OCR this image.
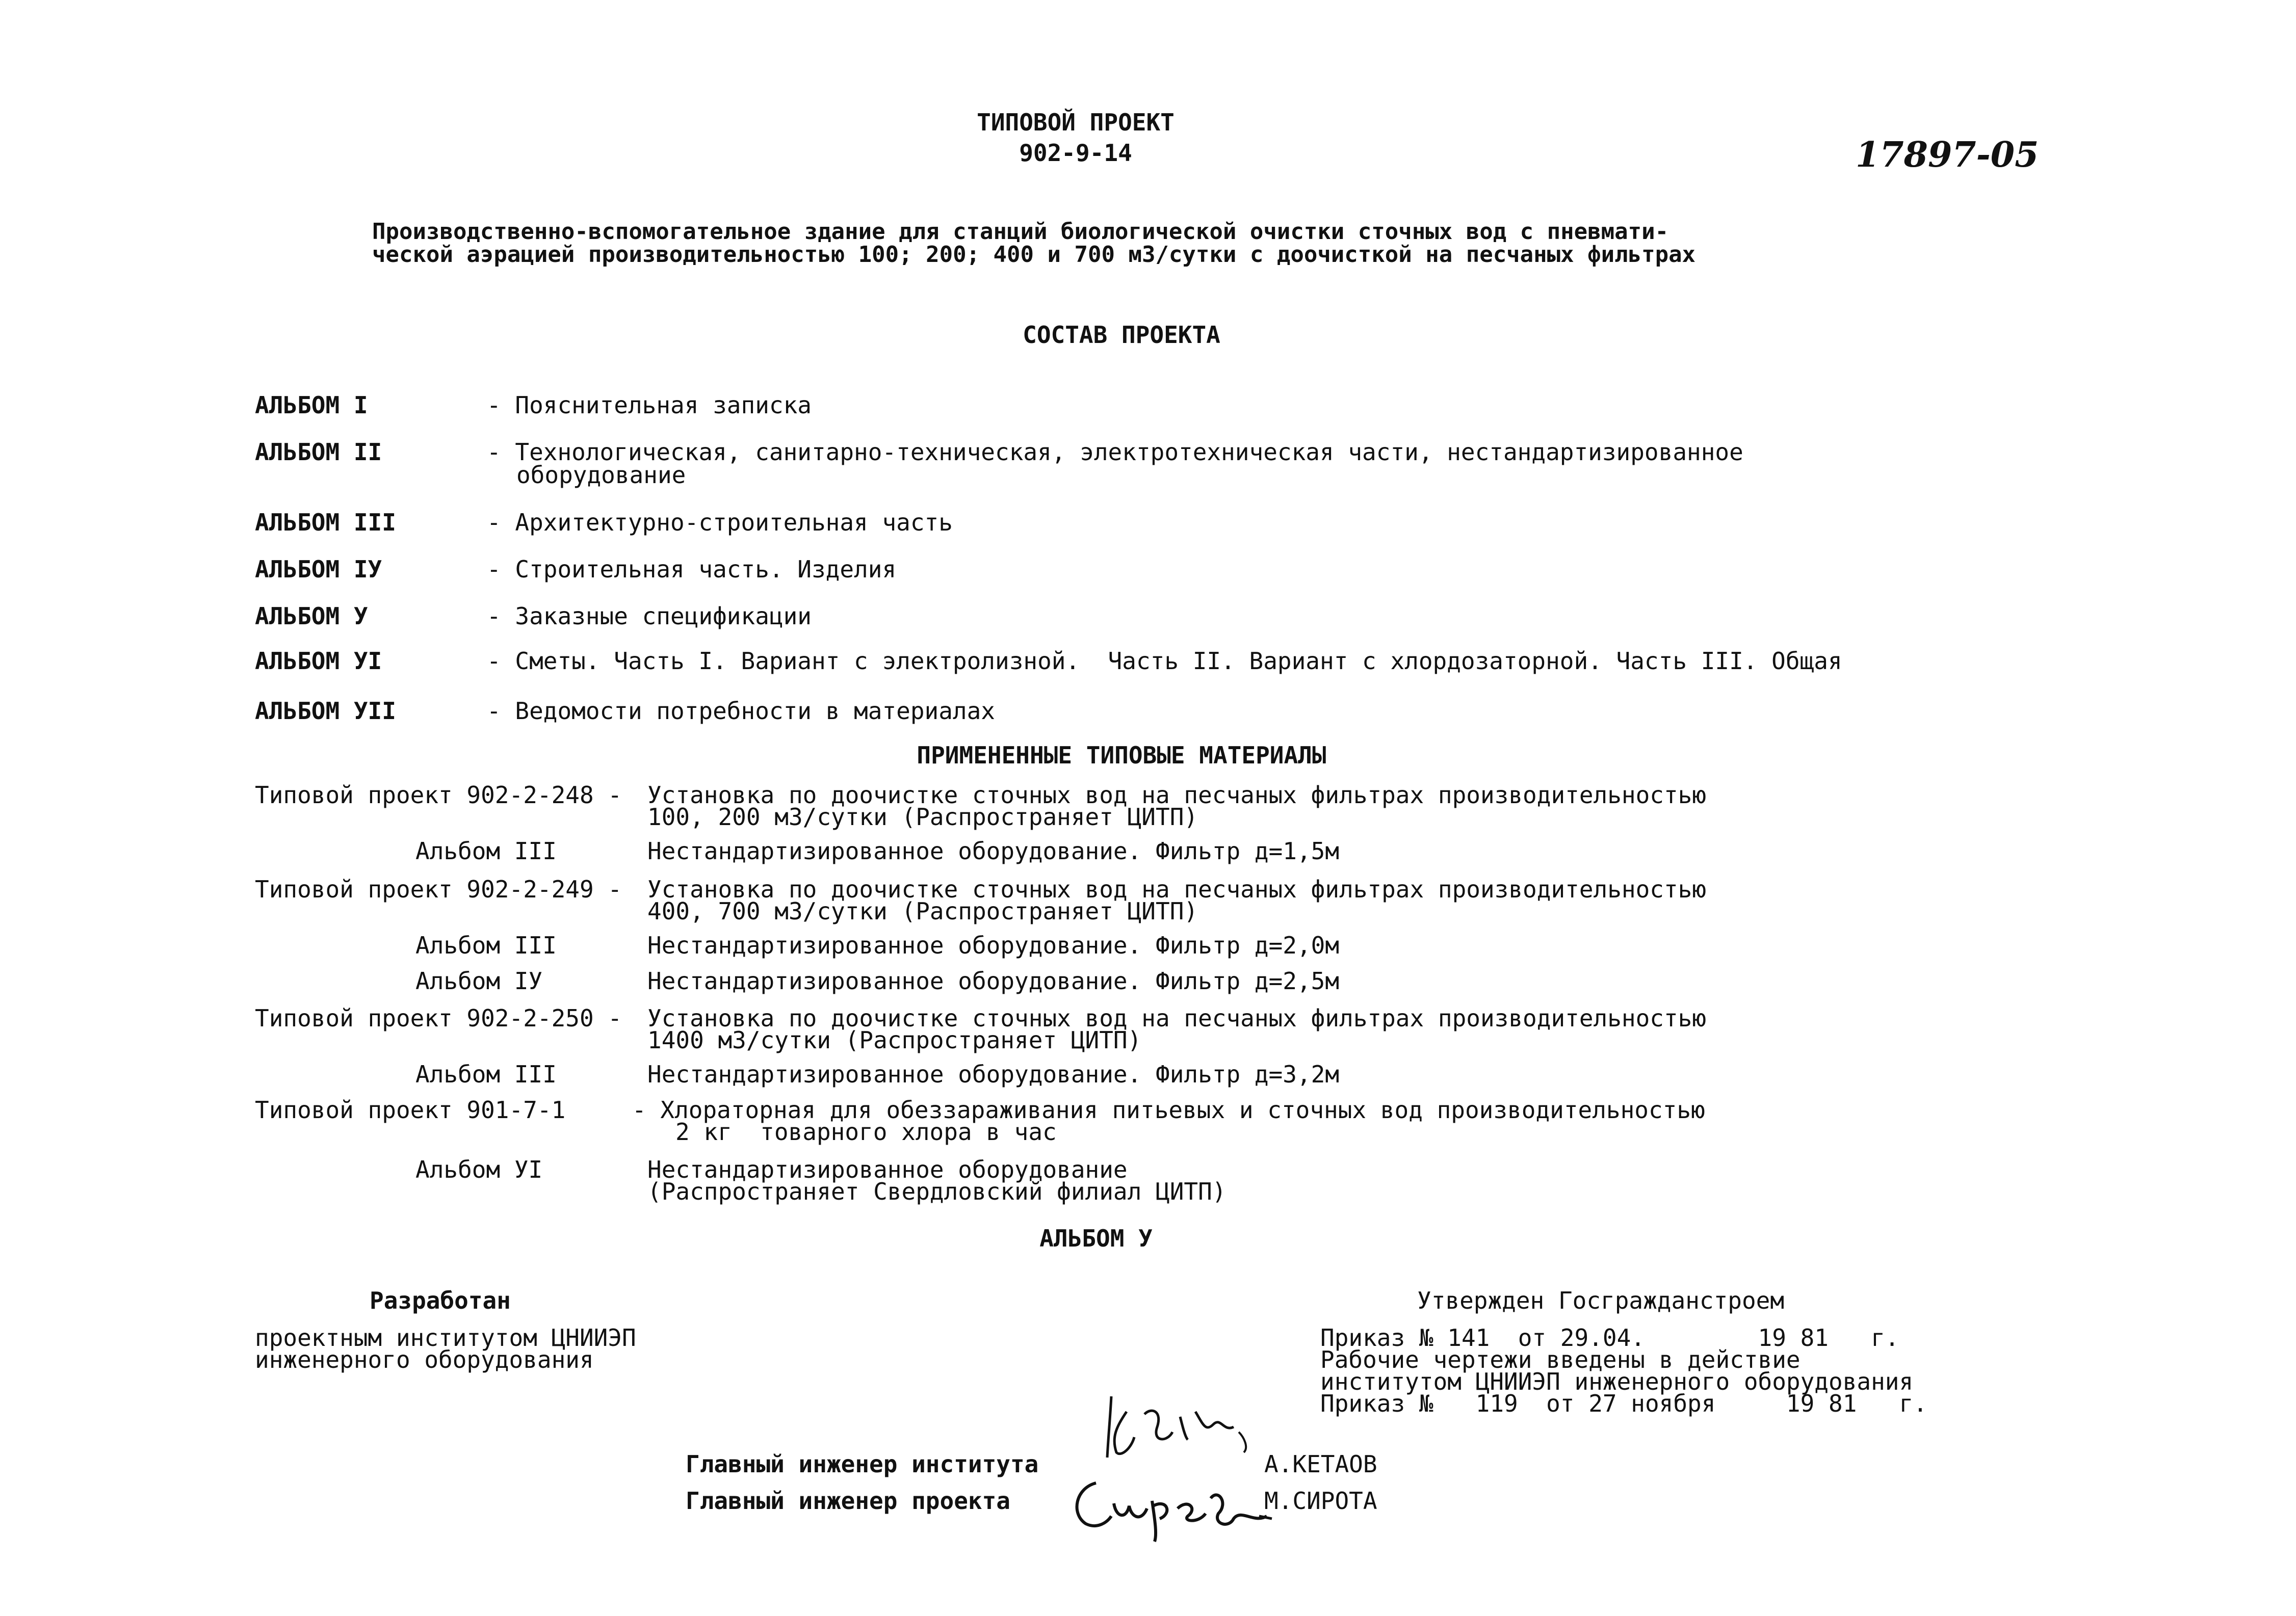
ТИПОВОЙ ПРОЕКТ
902-9-14	17897-05
Производственно-вспомогательное здание для станций биологической очистки сточных вод с пневмати-
ческой аэрацией производительностью 100; 200; 400 и 700 м3/сутки с доочисткой на песчаных фильтрах
СОСТАВ ПРОЕКТА
АЛЬБОМ I	- Пояснительная записка
АЛЬБОМ II	- Технологическая, санитарно-техническая, электротехническая части, нестандартизированное
оборудование
АЛЬБОМ III	- Архитектурно-строительная часть
АЛЬБОМ IУ	- Строительная часть. Изделия
АЛЬБОМ У	- Заказные спецификации
АЛЬБОМ УI	- Сметы. Часть I. Вариант с электролизной.  Часть II. Вариант с хлордозаторной. Часть III. Общая
АЛЬБОМ УII	- Ведомости потребности в материалах
ПРИМЕНЕННЫЕ ТИПОВЫЕ МАТЕРИАЛЫ
Типовой проект 902-2-248 - Установка по доочистке сточных вод на песчаных фильтрах производительностью
100, 200 м3/сутки (Распространяет ЦИТП)
Альбом III	Нестандартизированное оборудование. Фильтр д=1,5м
Типовой проект 902-2-249 - Установка по доочистке сточных вод на песчаных фильтрах производительностью
400, 700 м3/сутки (Распространяет ЦИТП)
Альбом III	Нестандартизированное оборудование. Фильтр д=2,0м
Альбом IУ	Нестандартизированное оборудование. Фильтр д=2,5м
Типовой проект 902-2-250 - Установка по доочистке сточных вод на песчаных фильтрах производительностью
1400 м3/сутки (Распространяет ЦИТП)
Альбом III	Нестандартизированное оборудование. Фильтр д=3,2м
Типовой проект 901-7-1	- Хлораторная для обеззараживания питьевых и сточных вод производительностью
2 кг  товарного хлора в час
Альбом УI	Нестандартизированное оборудование
(Распространяет Свердловский филиал ЦИТП)
АЛЬБОМ У
Разработан
проектным институтом ЦНИИЭП
инженерного оборудования
Утвержден Госгражданстроем
Приказ № 141  от 29.04.        19 81   г.
Рабочие чертежи введены в действие
институтом ЦНИИЭП инженерного оборудования
Приказ №   119  от 27 ноября     19 81   г.
Главный инженер института	А.КЕТАОВ
Главный инженер проекта	М.СИРОТА
